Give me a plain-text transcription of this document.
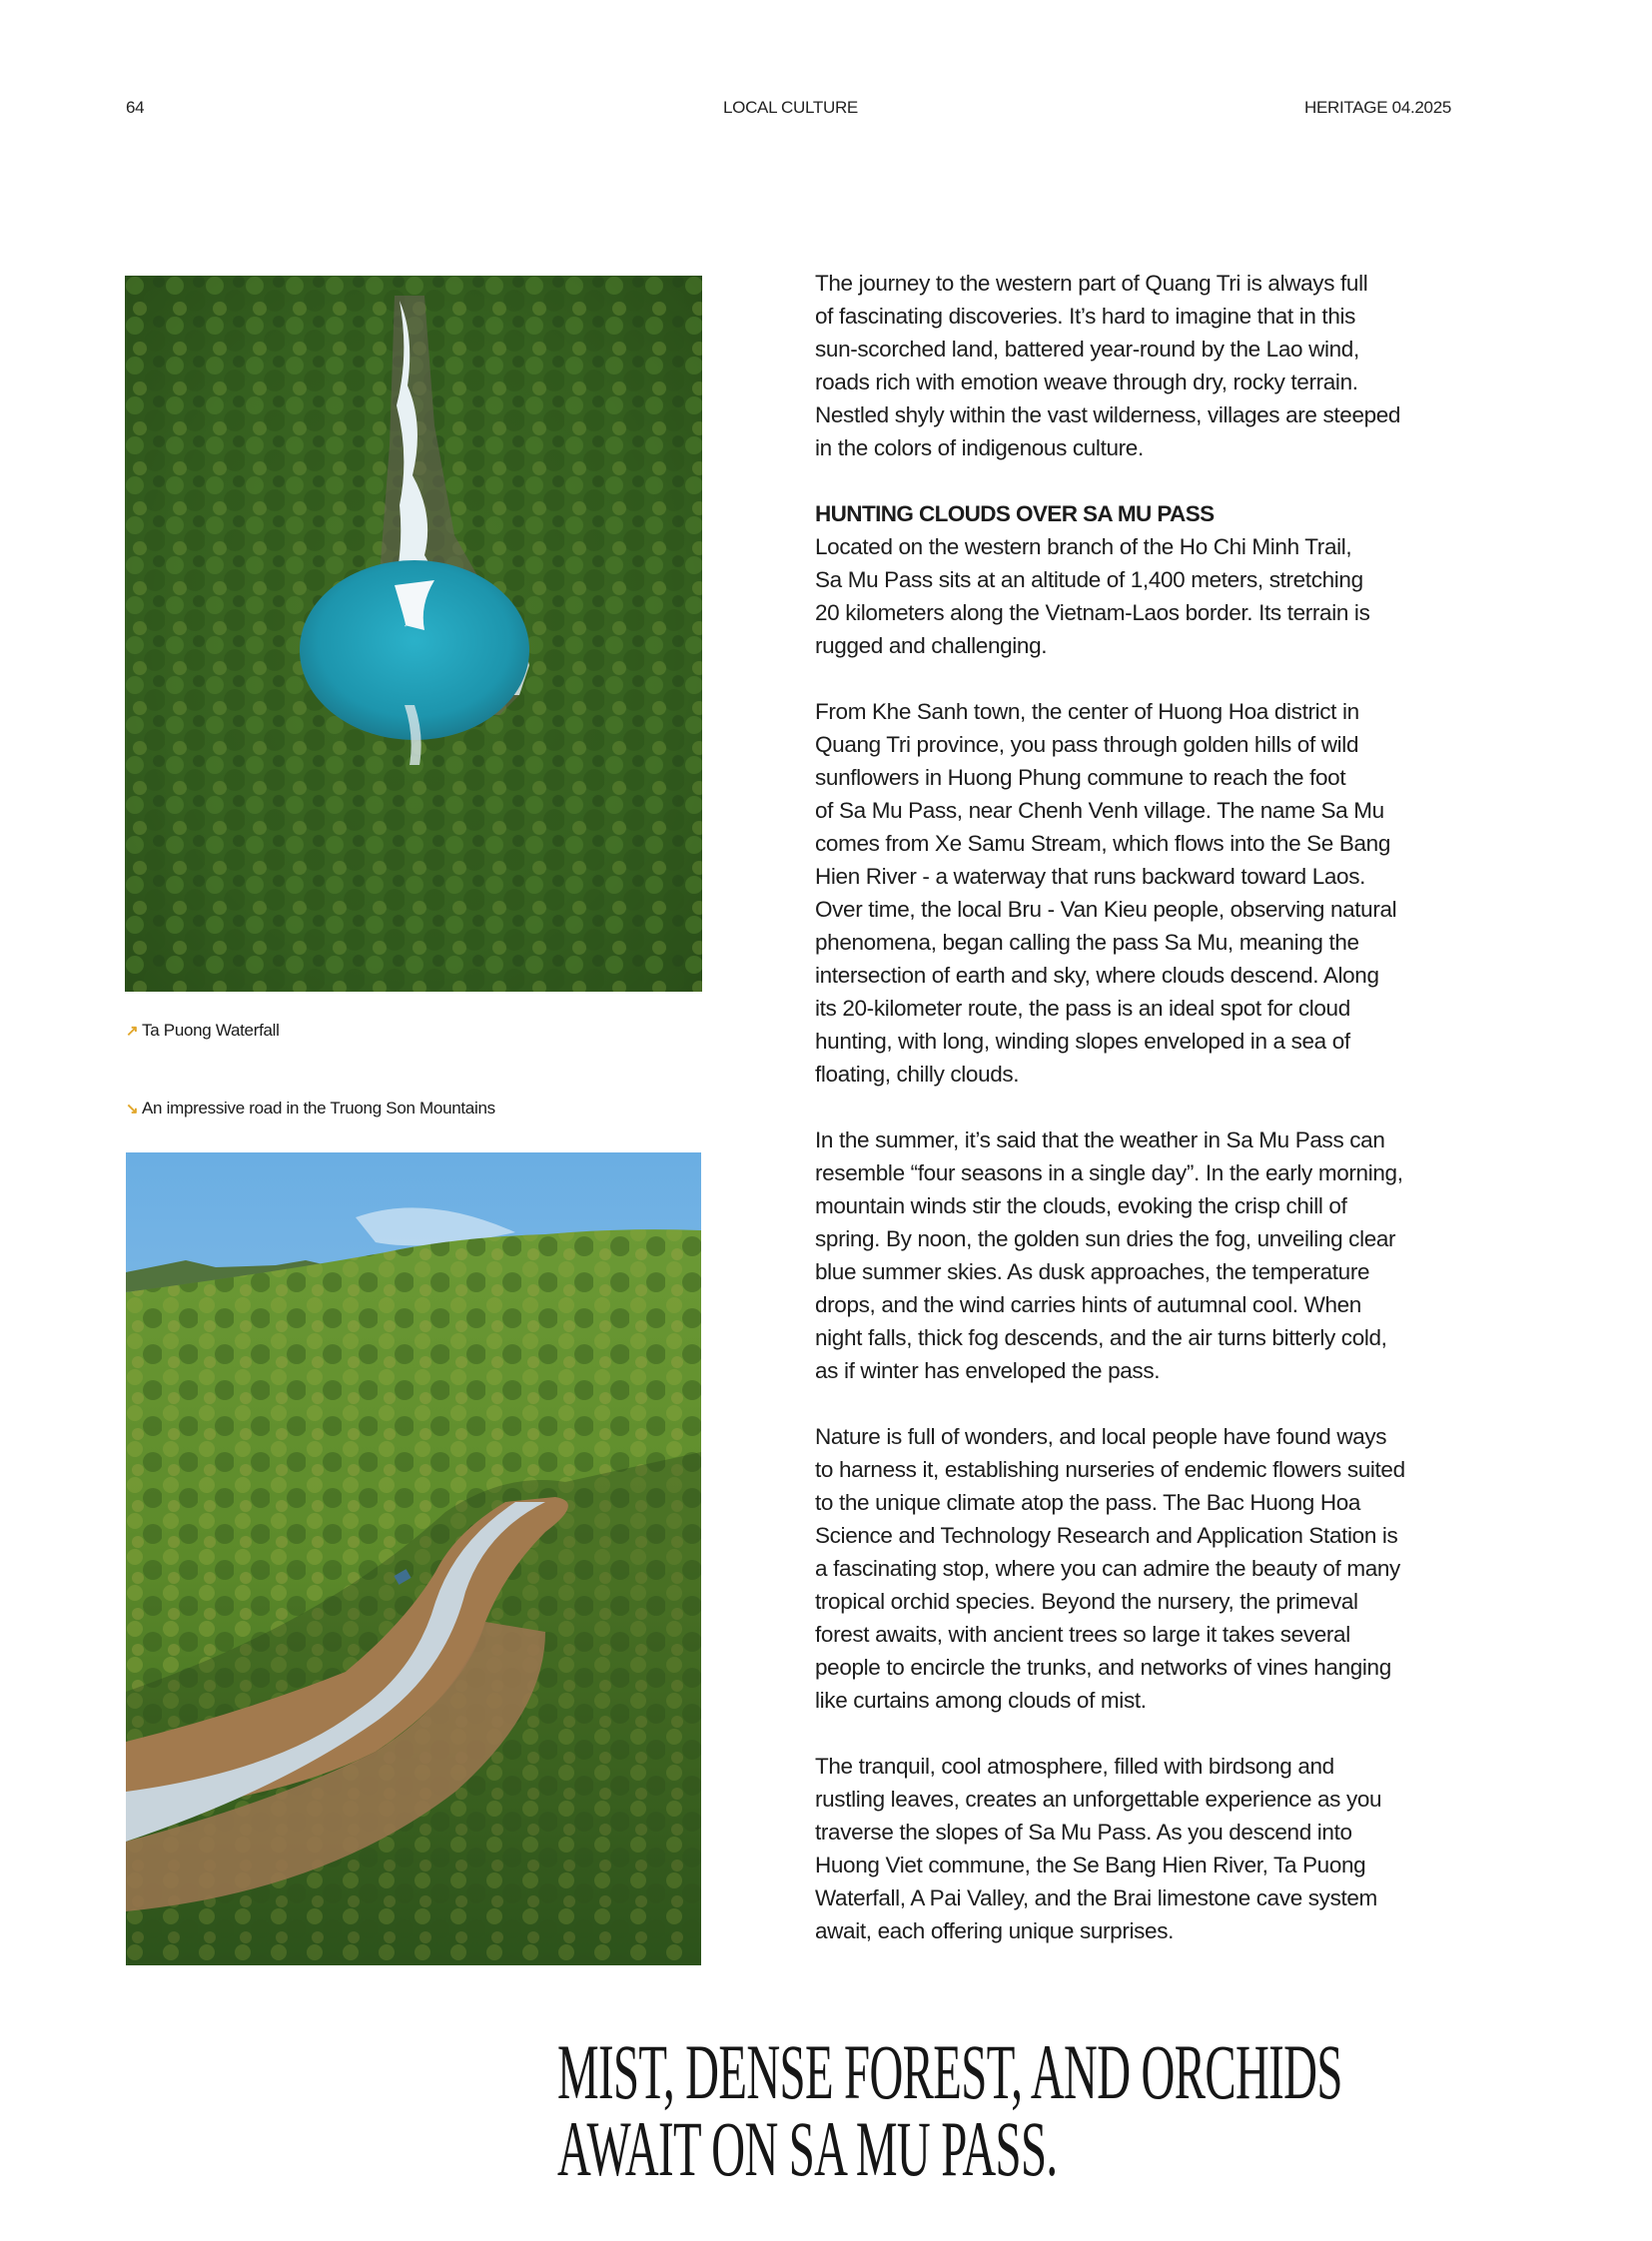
64	LOCAL CULTURE	HERITAGE 04.2025
↗ Ta Puong Waterfall
↘ An impressive road in the Truong Son Mountains
The journey to the western part of Quang Tri is always full
of fascinating discoveries. It’s hard to imagine that in this
sun-scorched land, battered year-round by the Lao wind,
roads rich with emotion weave through dry, rocky terrain.
Nestled shyly within the vast wilderness, villages are steeped
in the colors of indigenous culture.
HUNTING CLOUDS OVER SA MU PASS
Located on the western branch of the Ho Chi Minh Trail,
Sa Mu Pass sits at an altitude of 1,400 meters, stretching
20 kilometers along the Vietnam-Laos border. Its terrain is
rugged and challenging.
From Khe Sanh town, the center of Huong Hoa district in
Quang Tri province, you pass through golden hills of wild
sunflowers in Huong Phung commune to reach the foot
of Sa Mu Pass, near Chenh Venh village. The name Sa Mu
comes from Xe Samu Stream, which flows into the Se Bang
Hien River - a waterway that runs backward toward Laos.
Over time, the local Bru - Van Kieu people, observing natural
phenomena, began calling the pass Sa Mu, meaning the
intersection of earth and sky, where clouds descend. Along
its 20-kilometer route, the pass is an ideal spot for cloud
hunting, with long, winding slopes enveloped in a sea of
floating, chilly clouds.
In the summer, it’s said that the weather in Sa Mu Pass can
resemble “four seasons in a single day”. In the early morning,
mountain winds stir the clouds, evoking the crisp chill of
spring. By noon, the golden sun dries the fog, unveiling clear
blue summer skies. As dusk approaches, the temperature
drops, and the wind carries hints of autumnal cool. When
night falls, thick fog descends, and the air turns bitterly cold,
as if winter has enveloped the pass.
Nature is full of wonders, and local people have found ways
to harness it, establishing nurseries of endemic flowers suited
to the unique climate atop the pass. The Bac Huong Hoa
Science and Technology Research and Application Station is
a fascinating stop, where you can admire the beauty of many
tropical orchid species. Beyond the nursery, the primeval
forest awaits, with ancient trees so large it takes several
people to encircle the trunks, and networks of vines hanging
like curtains among clouds of mist.
The tranquil, cool atmosphere, filled with birdsong and
rustling leaves, creates an unforgettable experience as you
traverse the slopes of Sa Mu Pass. As you descend into
Huong Viet commune, the Se Bang Hien River, Ta Puong
Waterfall, A Pai Valley, and the Brai limestone cave system
await, each offering unique surprises.
MIST, DENSE FOREST, AND ORCHIDS
AWAIT ON SA MU PASS.
